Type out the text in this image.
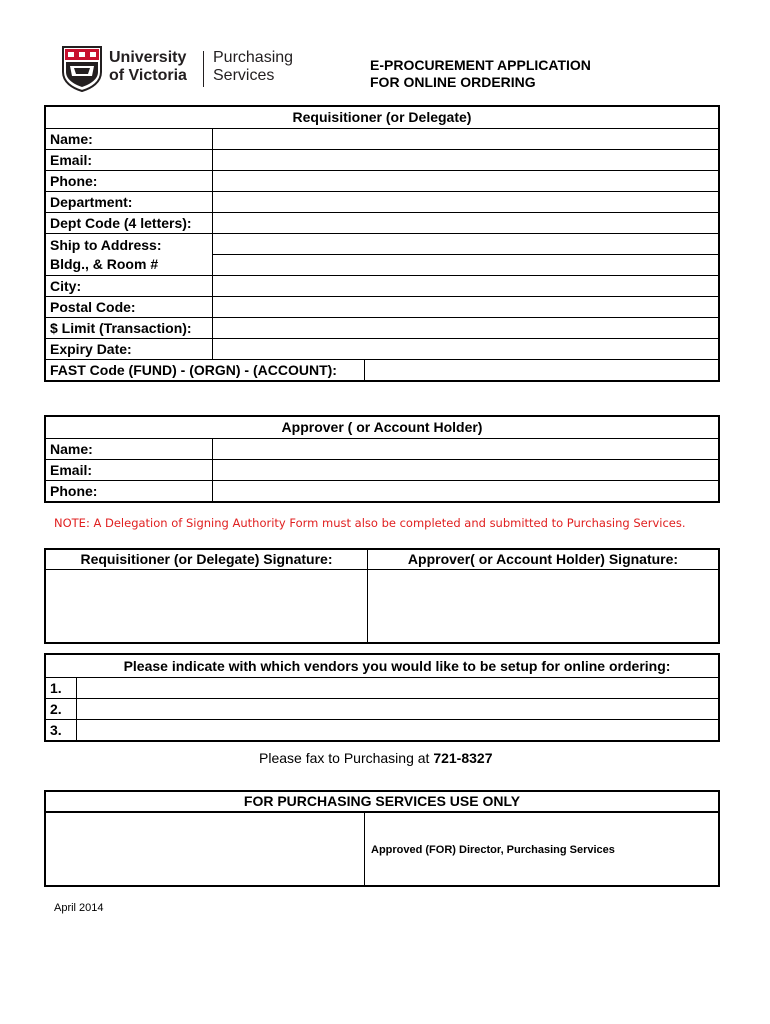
University
of Victoria
Purchasing
Services
E-PROCUREMENT APPLICATION
FOR ONLINE ORDERING
Requisitioner (or Delegate)		
Name:		
Email:		
Phone:		
Department:		
Dept Code (4 letters):		

Ship to Address:
Bldg., & Room #		

City:		
Postal Code:		
$ Limit (Transaction):		
Expiry Date:		
FAST Code (FUND) - (ORGN) - (ACCOUNT):		
Approver ( or Account Holder)	
Name:	
Email:	
Phone:	
NOTE: A Delegation of Signing Authority Form must also be completed and submitted to Purchasing Services.
Requisitioner (or Delegate) Signature:	Approver( or Account Holder) Signature:

	Please indicate with which vendors you would like to be setup for online ordering:
1.	
2.	
3.	
Please fax to Purchasing at 721-8327
FOR PURCHASING SERVICES USE ONLY
	Approved (FOR) Director, Purchasing Services
April 2014
